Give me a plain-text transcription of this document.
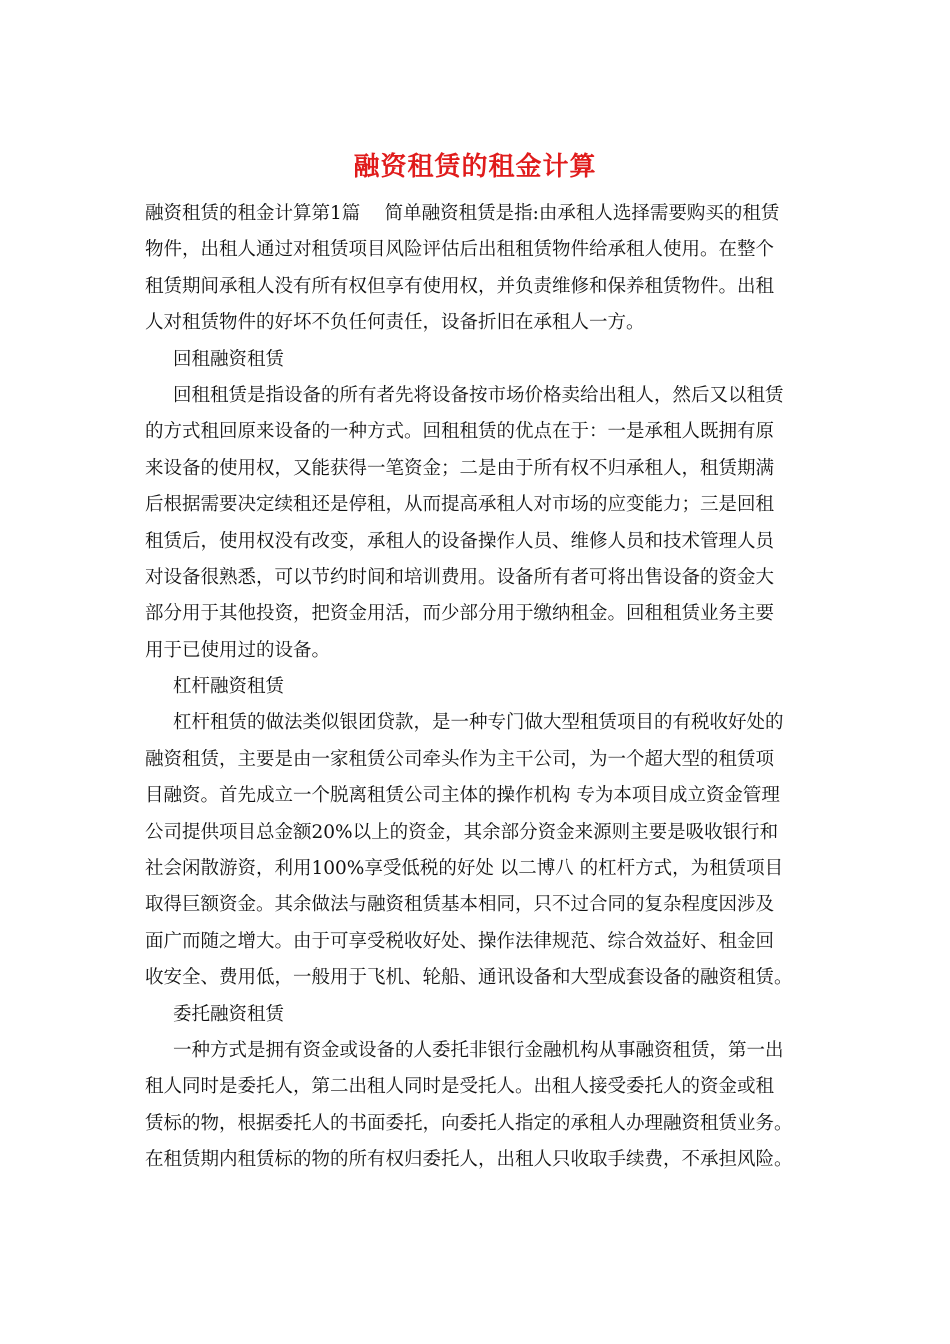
融资租赁的租金计算
融资租赁的租金计算第1篇　 简单融资租赁是指:由承租人选择需要购买的租赁
物件，出租人通过对租赁项目风险评估后出租租赁物件给承租人使用。在整个
租赁期间承租人没有所有权但享有使用权，并负责维修和保养租赁物件。出租
人对租赁物件的好坏不负任何责任，设备折旧在承租人一方。
回租融资租赁
回租租赁是指设备的所有者先将设备按市场价格卖给出租人，然后又以租赁
的方式租回原来设备的一种方式。回租租赁的优点在于：一是承租人既拥有原
来设备的使用权，又能获得一笔资金；二是由于所有权不归承租人，租赁期满
后根据需要决定续租还是停租，从而提高承租人对市场的应变能力；三是回租
租赁后，使用权没有改变，承租人的设备操作人员、维修人员和技术管理人员
对设备很熟悉，可以节约时间和培训费用。设备所有者可将出售设备的资金大
部分用于其他投资，把资金用活，而少部分用于缴纳租金。回租租赁业务主要
用于已使用过的设备。
杠杆融资租赁
杠杆租赁的做法类似银团贷款，是一种专门做大型租赁项目的有税收好处的
融资租赁，主要是由一家租赁公司牵头作为主干公司，为一个超大型的租赁项
目融资。首先成立一个脱离租赁公司主体的操作机构 专为本项目成立资金管理
公司提供项目总金额20%以上的资金，其余部分资金来源则主要是吸收银行和
社会闲散游资，利用100%享受低税的好处 以二博八 的杠杆方式，为租赁项目
取得巨额资金。其余做法与融资租赁基本相同，只不过合同的复杂程度因涉及
面广而随之增大。由于可享受税收好处、操作法律规范、综合效益好、租金回
收安全、费用低，一般用于飞机、轮船、通讯设备和大型成套设备的融资租赁。
委托融资租赁
一种方式是拥有资金或设备的人委托非银行金融机构从事融资租赁，第一出
租人同时是委托人，第二出租人同时是受托人。出租人接受委托人的资金或租
赁标的物，根据委托人的书面委托，向委托人指定的承租人办理融资租赁业务。
在租赁期内租赁标的物的所有权归委托人，出租人只收取手续费，不承担风险。
